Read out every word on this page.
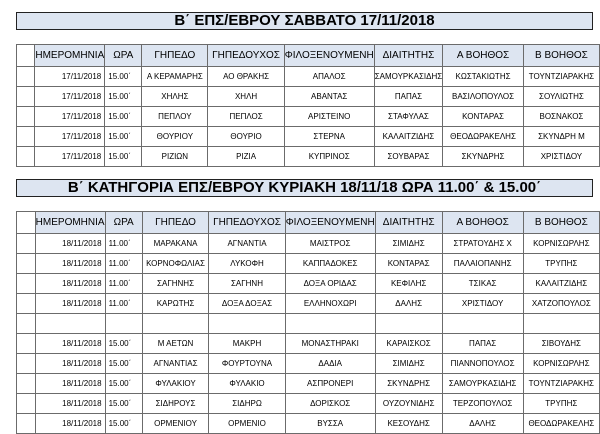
Β΄ ΕΠΣ/ΕΒΡΟΥ ΣΑΒΒΑΤΟ 17/11/2018
	ΗΜΕΡΟΜΗΝΙΑ	ΩΡΑ	ΓΗΠΕΔΟ	ΓΗΠΕΔΟΥΧΟΣ	ΦΙΛΟΞΕΝΟΥΜΕΝΗ	ΔΙΑΙΤΗΤΗΣ	Α ΒΟΗΘΟΣ	Β ΒΟΗΘΟΣ
	17/11/2018	15.00΄	Α ΚΕΡΑΜΑΡΗΣ	ΑΟ ΘΡΑΚΗΣ	ΑΠΑΛΟΣ	ΣΑΜΟΥΡΚΑΣΙΔΗΣ	ΚΩΣΤΑΚΙΩΤΗΣ	ΤΟΥΝΤΖΙΑΡΑΚΗΣ
	17/11/2018	15.00΄	ΧΗΛΗΣ	ΧΗΛΗ	ΑΒΑΝΤΑΣ	ΠΑΠΑΣ	ΒΑΣΙΛΟΠΟΥΛΟΣ	ΣΟΥΛΙΩΤΗΣ
	17/11/2018	15.00΄	ΠΕΠΛΟΥ	ΠΕΠΛΟΣ	ΑΡΙΣΤΕΙΝΟ	ΣΤΑΦΥΛΑΣ	ΚΟΝΤΑΡΑΣ	ΒΟΣΝΑΚΟΣ
	17/11/2018	15.00΄	ΘΟΥΡΙΟΥ	ΘΟΥΡΙΟ	ΣΤΕΡΝΑ	ΚΑΛΑΙΤΖΙΔΗΣ	ΘΕΟΔΩΡΑΚΕΛΗΣ	ΣΚΥΝΔΡΗ Μ
	17/11/2018	15.00΄	ΡΙΖΙΩΝ	ΡΙΖΙΑ	ΚΥΠΡΙΝΟΣ	ΣΟΥΒΑΡΑΣ	ΣΚΥΝΔΡΗΣ	ΧΡΙΣΤΙΔΟΥ
Β΄ ΚΑΤΗΓΟΡΙΑ ΕΠΣ/ΕΒΡΟΥ ΚΥΡΙΑΚΗ 18/11/18 ΩΡΑ 11.00΄ & 15.00΄
	ΗΜΕΡΟΜΗΝΙΑ	ΩΡΑ	ΓΗΠΕΔΟ	ΓΗΠΕΔΟΥΧΟΣ	ΦΙΛΟΞΕΝΟΥΜΕΝΗ	ΔΙΑΙΤΗΤΗΣ	Α ΒΟΗΘΟΣ	Β ΒΟΗΘΟΣ
	18/11/2018	11.00΄	ΜΑΡΑΚΑΝΑ	ΑΓΝΑΝΤΙΑ	ΜΑΙΣΤΡΟΣ	ΣΙΜΙΔΗΣ	ΣΤΡΑΤΟΥΔΗΣ Χ	ΚΟΡΝΙΣΩΡΛΗΣ
	18/11/2018	11.00΄	ΚΟΡΝΟΦΩΛΙΑΣ	ΛΥΚΟΦΗ	ΚΑΠΠΑΔΟΚΕΣ	ΚΟΝΤΑΡΑΣ	ΠΑΛΑΙΟΠΑΝΗΣ	ΤΡΥΠΗΣ
	18/11/2018	11.00΄	ΣΑΓΗΝΗΣ	ΣΑΓΗΝΗ	ΔΟΞΑ ΟΡΙΔΑΣ	ΚΕΦΙΛΗΣ	ΤΣΙΚΑΣ	ΚΑΛΑΙΤΖΙΔΗΣ
	18/11/2018	11.00΄	ΚΑΡΩΤΗΣ	ΔΟΞΑ ΔΟΞΑΣ	ΕΛΛΗΝΟΧΩΡΙ	ΔΑΛΗΣ	ΧΡΙΣΤΙΔΟΥ	ΧΑΤΖΟΠΟΥΛΟΣ

	18/11/2018	15.00΄	Μ ΑΕΤΩΝ	ΜΑΚΡΗ	ΜΟΝΑΣΤΗΡΑΚΙ	ΚΑΡΑΙΣΚΟΣ	ΠΑΠΑΣ	ΣΙΒΟΥΔΗΣ
	18/11/2018	15.00΄	ΑΓΝΑΝΤΙΑΣ	ΦΟΥΡΤΟΥΝΑ	ΔΑΔΙΑ	ΣΙΜΙΔΗΣ	ΠΙΑΝΝΟΠΟΥΛΟΣ	ΚΟΡΝΙΣΩΡΛΗΣ
	18/11/2018	15.00΄	ΦΥΛΑΚΙΟΥ	ΦΥΛΑΚΙΟ	ΑΣΠΡΟΝΕΡΙ	ΣΚΥΝΔΡΗΣ	ΣΑΜΟΥΡΚΑΣΙΔΗΣ	ΤΟΥΝΤΖΙΑΡΑΚΗΣ
	18/11/2018	15.00΄	ΣΙΔΗΡΟΥΣ	ΣΙΔΗΡΩ	ΔΟΡΙΣΚΟΣ	ΟΥΖΟΥΝΙΔΗΣ	ΤΕΡΖΟΠΟΥΛΟΣ	ΤΡΥΠΗΣ
	18/11/2018	15.00΄	ΟΡΜΕΝΙΟΥ	ΟΡΜΕΝΙΟ	ΒΥΣΣΑ	ΚΕΣΟΥΔΗΣ	ΔΑΛΗΣ	ΘΕΟΔΩΡΑΚΕΛΗΣ
